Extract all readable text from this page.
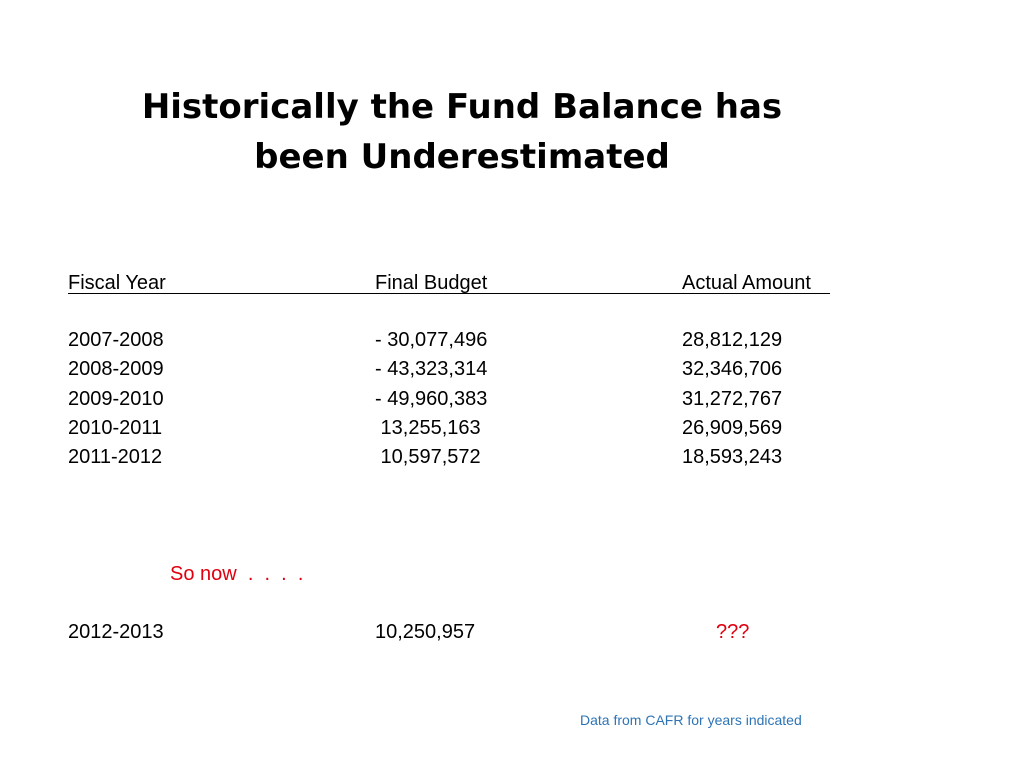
Historically the Fund Balance has
been Underestimated
Fiscal Year	Final Budget	Actual Amount
2007-2008	- 30,077,496	28,812,129
2008-2009	- 43,323,314	32,346,706
2009-2010	- 49,960,383	31,272,767
2010-2011	13,255,163	26,909,569
2011-2012	10,597,572	18,593,243
So now  .  .  .  .
2012-2013	10,250,957	???
Data from CAFR for years indicated
